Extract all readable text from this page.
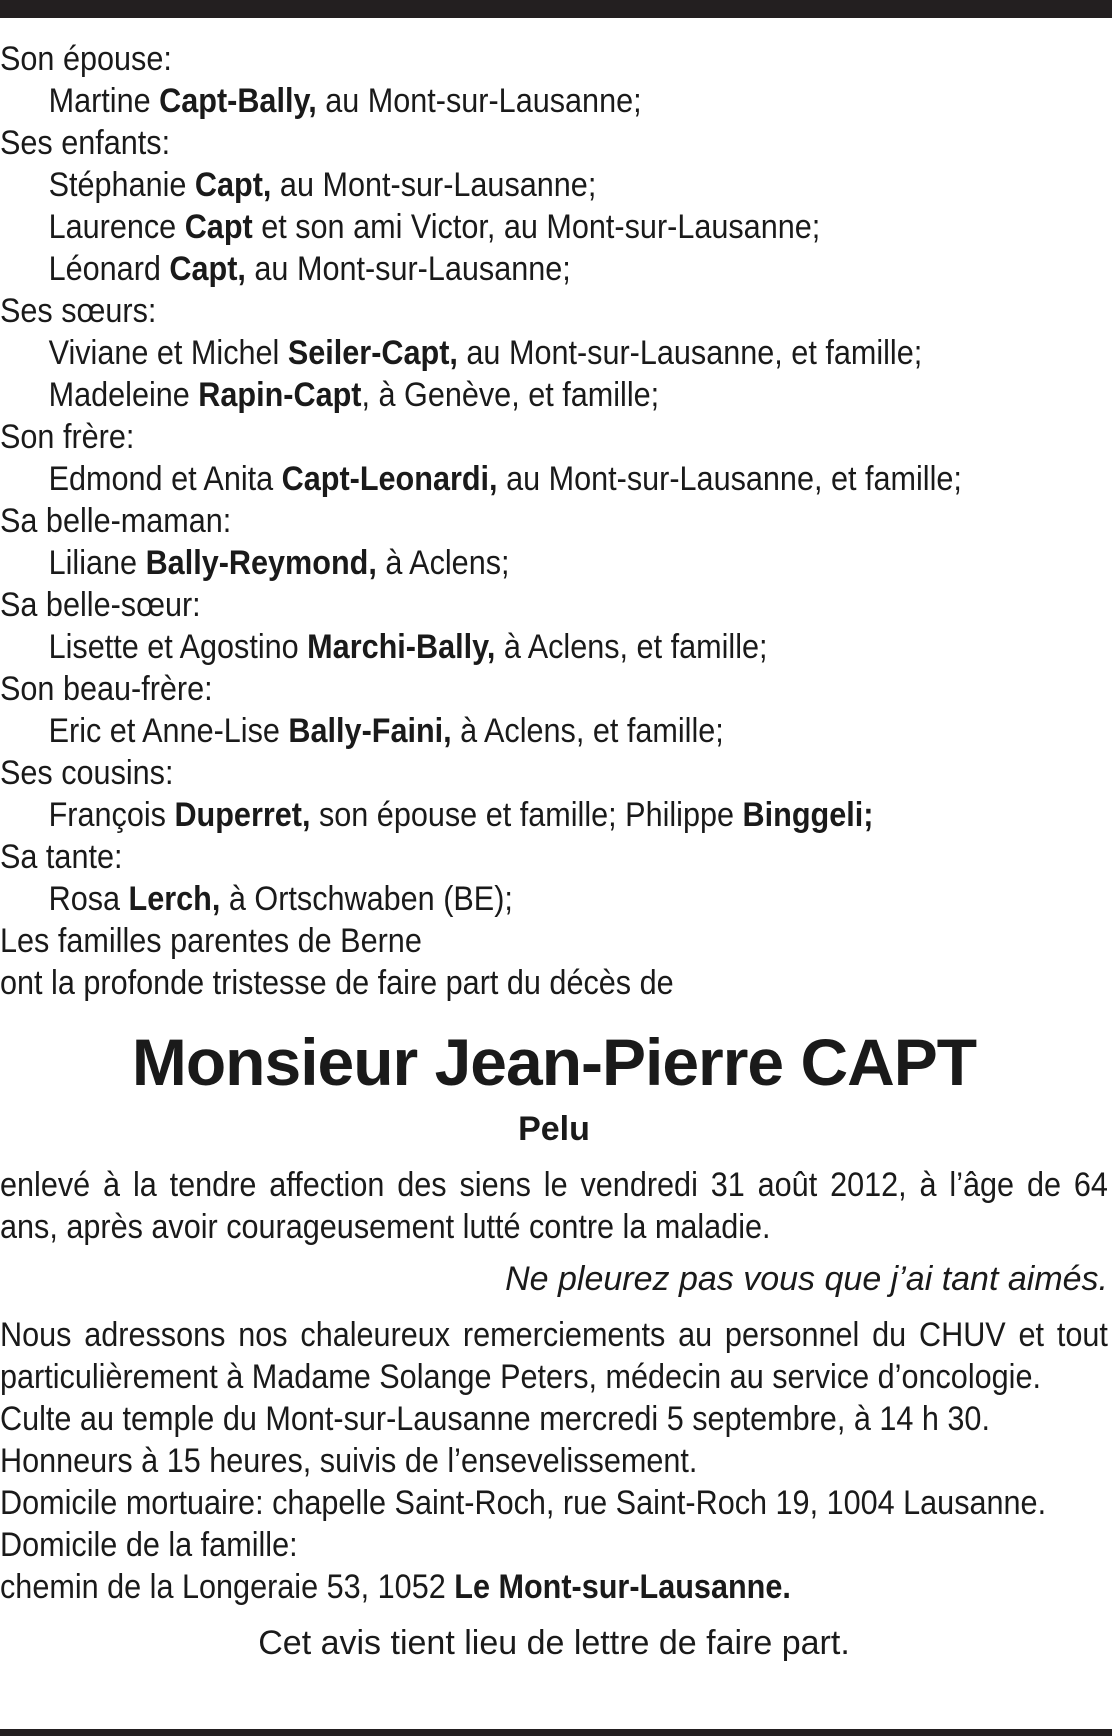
Son épouse:
Martine Capt-Bally, au Mont-sur-Lausanne;
Ses enfants:
Stéphanie Capt, au Mont-sur-Lausanne;
Laurence Capt et son ami Victor, au Mont-sur-Lausanne;
Léonard Capt, au Mont-sur-Lausanne;
Ses sœurs:
Viviane et Michel Seiler-Capt, au Mont-sur-Lausanne, et famille;
Madeleine Rapin-Capt, à Genève, et famille;
Son frère:
Edmond et Anita Capt-Leonardi, au Mont-sur-Lausanne, et famille;
Sa belle-maman:
Liliane Bally-Reymond, à Aclens;
Sa belle-sœur:
Lisette et Agostino Marchi-Bally, à Aclens, et famille;
Son beau-frère:
Eric et Anne-Lise Bally-Faini, à Aclens, et famille;
Ses cousins:
François Duperret, son épouse et famille; Philippe Binggeli;
Sa tante:
Rosa Lerch, à Ortschwaben (BE);
Les familles parentes de Berne
ont la profonde tristesse de faire part du décès de
Monsieur Jean-Pierre CAPT
Pelu
enlevé à la tendre affection des siens le vendredi 31 août 2012, à l’âge de 64 ans, après avoir courageusement lutté contre la maladie.
Ne pleurez pas vous que j’ai tant aimés.
Nous adressons nos chaleureux remerciements au personnel du CHUV et tout particulièrement à Madame Solange Peters, médecin au service d’oncologie.
Culte au temple du Mont-sur-Lausanne mercredi 5 septembre, à 14 h 30.
Honneurs à 15 heures, suivis de l’ensevelissement.
Domicile mortuaire: chapelle Saint-Roch, rue Saint-Roch 19, 1004 Lausanne.
Domicile de la famille:
chemin de la Longeraie 53, 1052 Le Mont-sur-Lausanne.
Cet avis tient lieu de lettre de faire part.
